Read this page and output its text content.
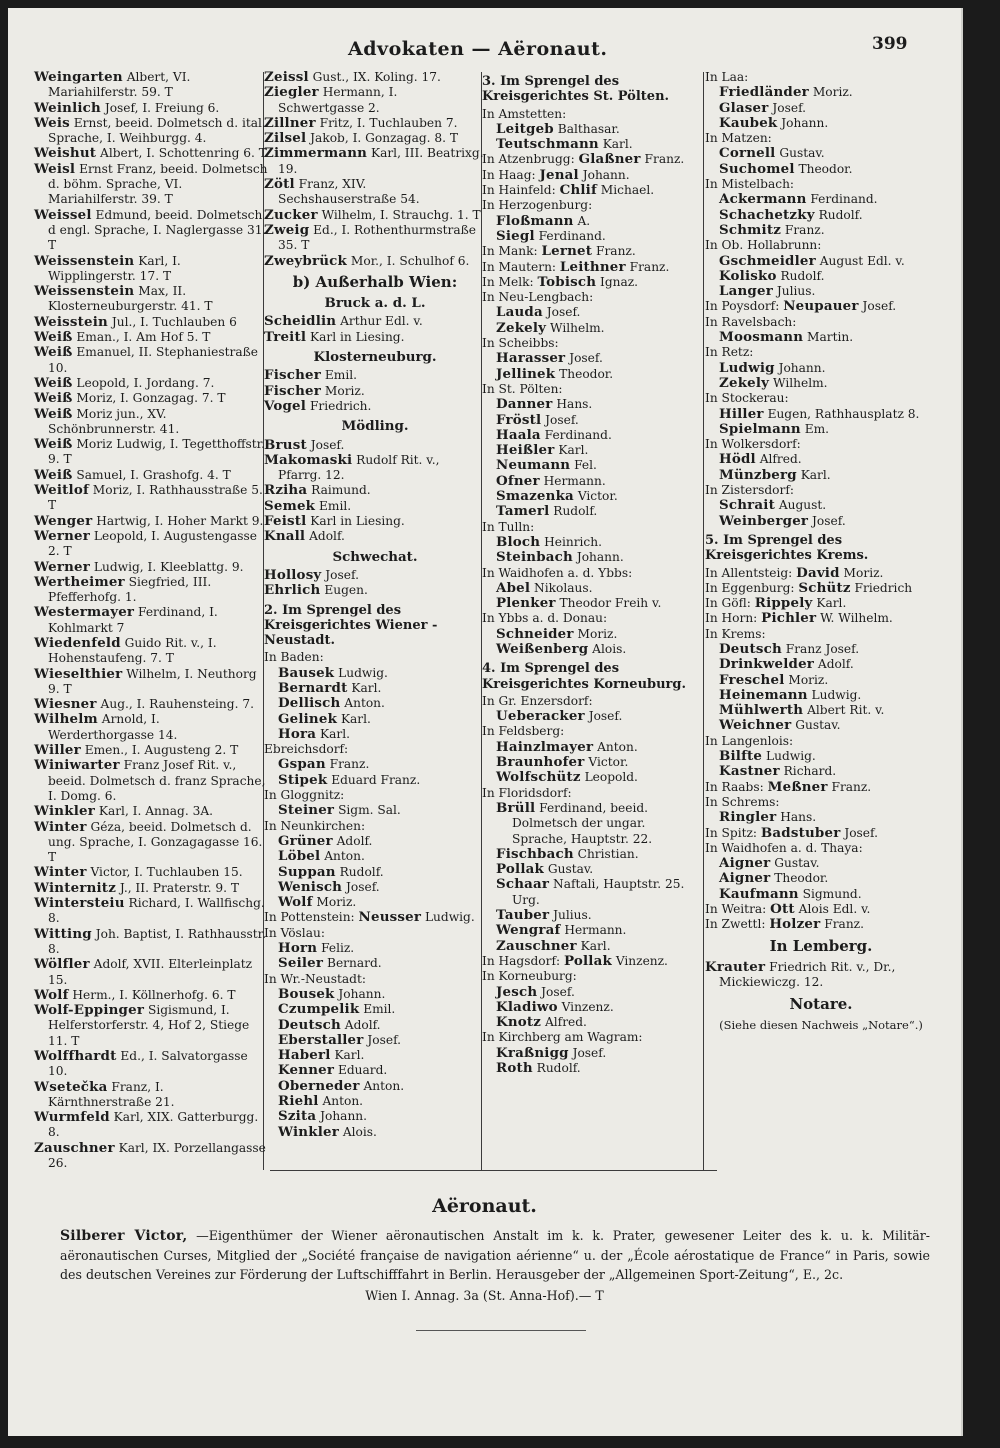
Advokaten — Aëronaut.	399

Weingarten Albert, VI. Mariahilferstr. 59. T

Weinlich Josef, I. Freiung 6.

Weis Ernst, beeid. Dolmetsch d. ital. Sprache, I. Weihburgg. 4.

Weishut Albert, I. Schottenring 6. T

Weisl Ernst Franz, beeid. Dolmetsch d. böhm. Sprache, VI. Mariahilferstr. 39. T

Weissel Edmund, beeid. Dolmetsch d engl. Sprache, I. Naglergasse 31. T

Weissenstein Karl, I. Wipplingerstr. 17. T

Weissenstein Max, II. Klosterneuburgerstr. 41. T

Weisstein Jul., I. Tuchlauben 6

Weiß Eman., I. Am Hof 5. T

Weiß Emanuel, II. Stephaniestraße 10.

Weiß Leopold, I. Jordang. 7.

Weiß Moriz, I. Gonzagag. 7. T

Weiß Moriz jun., XV. Schönbrunnerstr. 41.

Weiß Moriz Ludwig, I. Tegetthoffstr. 9. T

Weiß Samuel, I. Grashofg. 4. T

Weitlof Moriz, I. Rathhausstraße 5. T

Wenger Hartwig, I. Hoher Markt 9.

Werner Leopold, I. Augustengasse 2. T

Werner Ludwig, I. Kleeblattg. 9.

Wertheimer Siegfried, III. Pfefferhofg. 1.

Westermayer Ferdinand, I. Kohlmarkt 7

Wiedenfeld Guido Rit. v., I. Hohenstaufeng. 7. T

Wieselthier Wilhelm, I. Neuthorg 9. T

Wiesner Aug., I. Rauhensteing. 7.

Wilhelm Arnold, I. Werderthorgasse 14.

Willer Emen., I. Augusteng 2. T

Winiwarter Franz Josef Rit. v., beeid. Dolmetsch d. franz Sprache, I. Domg. 6.

Winkler Karl, I. Annag. 3A.

Winter Géza, beeid. Dolmetsch d. ung. Sprache, I. Gonzagagasse 16. T

Winter Victor, I. Tuchlauben 15.

Winternitz J., II. Praterstr. 9. T

Wintersteiu Richard, I. Wallfischg. 8.

Witting Joh. Baptist, I. Rathhausstr. 8.

Wölfler Adolf, XVII. Elterleinplatz 15.

Wolf Herm., I. Köllnerhofg. 6. T

Wolf-Eppinger Sigismund, I. Helferstorferstr. 4, Hof 2, Stiege 11. T

Wolffhardt Ed., I. Salvatorgasse 10.

Wsetečka Franz, I. Kärnthnerstraße 21.

Wurmfeld Karl, XIX. Gatterburgg. 8.

Zauschner Karl, IX. Porzellangasse 26.

Zeissl Gust., IX. Koling. 17.

Ziegler Hermann, I. Schwertgasse 2.

Zillner Fritz, I. Tuchlauben 7.

Zilsel Jakob, I. Gonzagag. 8. T

Zimmermann Karl, III. Beatrixg. 19.

Zötl Franz, XIV. Sechshauserstraße 54.

Zucker Wilhelm, I. Strauchg. 1. T

Zweig Ed., I. Rothenthurmstraße 35. T

Zweybrück Mor., I. Schulhof 6.

b) Außerhalb Wien:
Bruck a. d. L.

Scheidlin Arthur Edl. v.

Treitl Karl in Liesing.

Klosterneuburg.

Fischer Emil.

Fischer Moriz.

Vogel Friedrich.

Mödling.

Brust Josef.

Makomaski Rudolf Rit. v., Pfarrg. 12.

Rziha Raimund.

Semek Emil.

Feistl Karl in Liesing.

Knall Adolf.

Schwechat.

Hollosy Josef.

Ehrlich Eugen.

2. Im Sprengel des Kreisgerichtes Wiener - Neustadt.

In Baden:

Bausek Ludwig.

Bernardt Karl.

Dellisch Anton.

Gelinek Karl.

Hora Karl.

Ebreichsdorf:

Gspan Franz.

Stipek Eduard Franz.

In Gloggnitz:

Steiner Sigm. Sal.

In Neunkirchen:

Grüner Adolf.

Löbel Anton.

Suppan Rudolf.

Wenisch Josef.

Wolf Moriz.

In Pottenstein: Neusser Ludwig.

In Vöslau:

Horn Feliz.

Seiler Bernard.

In Wr.-Neustadt:

Bousek Johann.

Czumpelik Emil.

Deutsch Adolf.

Eberstaller Josef.

Haberl Karl.

Kenner Eduard.

Oberneder Anton.

Riehl Anton.

Szita Johann.

Winkler Alois.

3. Im Sprengel des Kreisgerichtes St. Pölten.

In Amstetten:

Leitgeb Balthasar.

Teutschmann Karl.

In Atzenbrugg: Glaßner Franz.

In Haag: Jenal Johann.

In Hainfeld: Chlif Michael.

In Herzogenburg:

Floßmann A.

Siegl Ferdinand.

In Mank: Lernet Franz.

In Mautern: Leithner Franz.

In Melk: Tobisch Ignaz.

In Neu-Lengbach:

Lauda Josef.

Zekely Wilhelm.

In Scheibbs:

Harasser Josef.

Jellinek Theodor.

In St. Pölten:

Danner Hans.

Fröstl Josef.

Haala Ferdinand.

Heißler Karl.

Neumann Fel.

Ofner Hermann.

Smazenka Victor.

Tamerl Rudolf.

In Tulln:

Bloch Heinrich.

Steinbach Johann.

In Waidhofen a. d. Ybbs:

Abel Nikolaus.

Plenker Theodor Freih v.

In Ybbs a. d. Donau:

Schneider Moriz.

Weißenberg Alois.

4. Im Sprengel des Kreisgerichtes Korneuburg.

In Gr. Enzersdorf:

Ueberacker Josef.

In Feldsberg:

Hainzlmayer Anton.

Braunhofer Victor.

Wolfschütz Leopold.

In Floridsdorf:

Brüll Ferdinand, beeid. Dolmetsch der ungar. Sprache, Hauptstr. 22.

Fischbach Christian.

Pollak Gustav.

Schaar Naftali, Hauptstr. 25. Urg.

Tauber Julius.

Wengraf Hermann.

Zauschner Karl.

In Hagsdorf: Pollak Vinzenz.

In Korneuburg:

Jesch Josef.

Kladiwo Vinzenz.

Knotz Alfred.

In Kirchberg am Wagram:

Kraßnigg Josef.

Roth Rudolf.

In Laa:

Friedländer Moriz.

Glaser Josef.

Kaubek Johann.

In Matzen:

Cornell Gustav.

Suchomel Theodor.

In Mistelbach:

Ackermann Ferdinand.

Schachetzky Rudolf.

Schmitz Franz.

In Ob. Hollabrunn:

Gschmeidler August Edl. v.

Kolisko Rudolf.

Langer Julius.

In Poysdorf: Neupauer Josef.

In Ravelsbach:

Moosmann Martin.

In Retz:

Ludwig Johann.

Zekely Wilhelm.

In Stockerau:

Hiller Eugen, Rathhausplatz 8.

Spielmann Em.

In Wolkersdorf:

Hödl Alfred.

Münzberg Karl.

In Zistersdorf:

Schrait August.

Weinberger Josef.

5. Im Sprengel des Kreisgerichtes Krems.

In Allentsteig: David Moriz.

In Eggenburg: Schütz Friedrich

In Göfl: Rippely Karl.

In Horn: Pichler W. Wilhelm.

In Krems:

Deutsch Franz Josef.

Drinkwelder Adolf.

Freschel Moriz.

Heinemann Ludwig.

Mühlwerth Albert Rit. v.

Weichner Gustav.

In Langenlois:

Bilfte Ludwig.

Kastner Richard.

In Raabs: Meßner Franz.

In Schrems:

Ringler Hans.

In Spitz: Badstuber Josef.

In Waidhofen a. d. Thaya:

Aigner Gustav.

Aigner Theodor.

Kaufmann Sigmund.

In Weitra: Ott Alois Edl. v.

In Zwettl: Holzer Franz.

In Lemberg.

Krauter Friedrich Rit. v., Dr., Mickiewiczg. 12.

Notare.
(Siehe diesen Nachweis „Notare“.)
Aëronaut.
Silberer Victor, —Eigenthümer der Wiener aëronautischen Anstalt im k. k. Prater, gewesener Leiter des k. u. k. Militär-aëronautischen Curses, Mitglied der „Société française de navigation aérienne“ u. der „École aérostatique de France“ in Paris, sowie des deutschen Vereines zur Förderung der Luftschifffahrt in Berlin. Herausgeber der „Allgemeinen Sport-Zeitung“, E., 2c.
Wien I. Annag. 3a (St. Anna-Hof).— T
